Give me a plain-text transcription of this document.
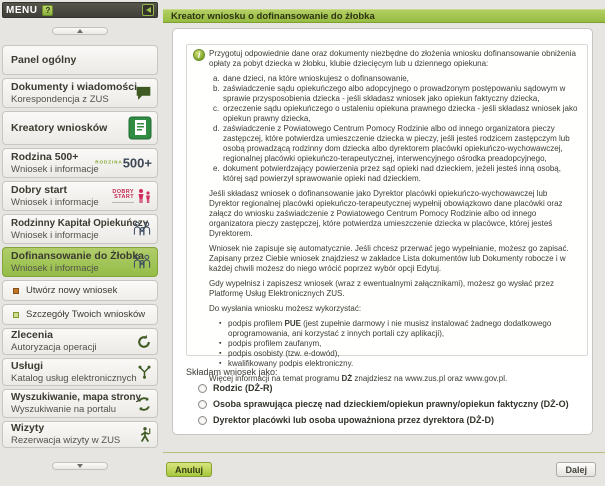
MENU	?
Panel ogólny
Dokumenty i wiadomości
Korespondencja z ZUS
Kreatory wniosków
Rodzina 500+
Wniosek i informacje
RODZINA 500+
Dobry start
Wniosek i informacje
DOBRY
START
Rodzinny Kapitał Opiekuńczy
Wniosek i informacje
Dofinansowanie do Żłobka
Wniosek i informacje
Utwórz nowy wniosek
Szczegóły Twoich wniosków
Zlecenia
Autoryzacja operacji
Usługi
Katalog usług elektronicznych
Wyszukiwanie, mapa strony
Wyszukiwanie na portalu
Wizyty
Rezerwacja wizyty w ZUS
Kreator wniosku o dofinansowanie do żłobka
i	Przygotuj odpowiednie dane oraz dokumenty niezbędne do złożenia wniosku dofinansowanie obniżenia opłaty za pobyt dziecka w żłobku, klubie dziecięcym lub u dziennego opiekuna:

a. dane dzieci, na które wnioskujesz o dofinansowanie,
b. zaświadczenie sądu opiekuńczego albo adopcyjnego o prowadzonym postępowaniu sądowym w sprawie przysposobienia dziecka - jeśli składasz wniosek jako opiekun faktyczny dziecka,
c. orzeczenie sądu opiekuńczego o ustaleniu opiekuna prawnego dziecka - jeśli składasz wniosek jako opiekun prawny dziecka,
d. zaświadczenie z Powiatowego Centrum Pomocy Rodzinie albo od innego organizatora pieczy zastępczej, które potwierdza umieszczenie dziecka w pieczy, jeśli jesteś rodzicem zastępczym lub osobą prowadzącą rodzinny dom dziecka albo dyrektorem placówki opiekuńczo-wychowawczej, regionalnej placówki opiekuńczo-terapeutycznej, interwencyjnego ośrodka preadopcyjnego,
e. dokument potwierdzający powierzenia przez sąd opieki nad dzieckiem, jeżeli jesteś inną osobą, której sąd powierzył sprawowanie opieki nad dzieckiem.

Jeśli składasz wniosek o dofinansowanie jako Dyrektor placówki opiekuńczo-wychowawczej lub Dyrektor regionalnej placówki opiekuńczo-terapeutycznej wypełnij obowiązkowo dane placówki oraz załącz do wniosku zaświadczenie z Powiatowego Centrum Pomocy Rodzinie albo od innego organizatora pieczy zastępczej, które potwierdza umieszczenie dziecka w placówce, której jesteś Dyrektorem.

Wniosek nie zapisuje się automatycznie. Jeśli chcesz przerwać jego wypełnianie, możesz go zapisać. Zapisany przez Ciebie wniosek znajdziesz w zakładce Lista dokumentów lub Dokumenty robocze i w każdej chwili możesz do niego wrócić poprzez wybór opcji Edytuj.

Gdy wypełnisz i zapiszesz wniosek (wraz z ewentualnymi załącznikami), możesz go wysłać przez Platformę Usług Elektronicznych ZUS.

Do wysłania wniosku możesz wykorzystać:

▪ podpis profilem PUE (jest zupełnie darmowy i nie musisz instalować żadnego dodatkowego oprogramowania, ani korzystać z innych portali czy aplikacji),
▪ podpis profilem zaufanym,
▪ podpis osobisty (tzw. e-dowód),
▪ kwalifikowany podpis elektroniczny.

Więcej informacji na temat programu DŻ znajdziesz na www.zus.pl oraz www.gov.pl.

Składam wniosek jako:
Rodzic (DŻ-R)
Osoba sprawująca pieczę nad dzieckiem/opiekun prawny/opiekun faktyczny (DŻ-O)
Dyrektor placówki lub osoba upoważniona przez dyrektora (DŻ-D)
Anuluj	Dalej
